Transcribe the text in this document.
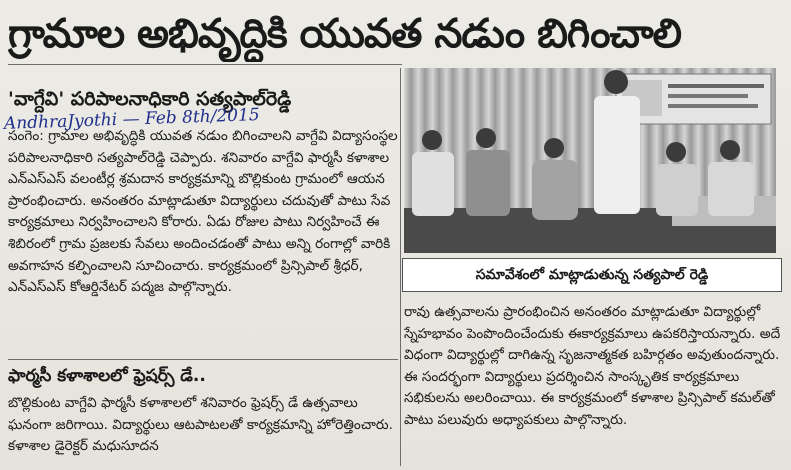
గ్రామాల అభివృద్ధికి యువత నడుం బిగించాలి
'వాగ్దేవి' పరిపాలనాధికారి సత్యపాల్‌రెడ్డి
AndhraJyothi — Feb 8th/2015

సంగెం: గ్రామాల అభివృద్ధికి యువత నడుం బిగించాలని వాగ్దేవి విద్యాసంస్థల పరిపాలనాధికారి సత్యపాల్‌రెడ్డి చెప్పారు. శనివారం వాగ్దేవి ఫార్మసీ కళాశాల ఎన్‌ఎస్‌ఎస్ వలంటీర్ల శ్రమదాన కార్యక్రమాన్ని బొల్లికుంట గ్రామంలో ఆయన ప్రారంభించారు. అనంతరం మాట్లాడుతూ విద్యార్థులు చదువుతో పాటు సేవ కార్యక్రమాలు నిర్వహించాలని కోరారు. ఏడు రోజుల పాటు నిర్వహించే ఈ శిబిరంలో గ్రామ ప్రజలకు సేవలు అందించడంతో పాటు అన్ని రంగాల్లో వారికి అవగాహన కల్పించాలని సూచించారు. కార్యక్రమంలో ప్రిన్సిపాల్ శ్రీధర్, ఎన్‌ఎస్‌ఎస్ కోఆర్డినేటర్ పద్మజ పాల్గొన్నారు.

ఫార్మసీ కళాశాలలో ఫ్రెషర్స్ డే..
బొల్లికుంట వాగ్దేవి ఫార్మసీ కళాశాలలో శనివారం ఫ్రెషర్స్ డే ఉత్సవాలు ఘనంగా జరిగాయి. విద్యార్థులు ఆటపాటలతో కార్యక్రమాన్ని హోరెత్తించారు. కళాశాల డైరెక్టర్ మధుసూదన
సమావేశంలో మాట్లాడుతున్న సత్యపాల్ రెడ్డి
రావు ఉత్సవాలను ప్రారంభించిన అనంతరం మాట్లాడుతూ విద్యార్థుల్లో స్నేహభావం పెంపొందించేందుకు ఈకార్యక్రమాలు ఉపకరిస్తాయన్నారు. అదే విధంగా విద్యార్థుల్లో దాగిఉన్న సృజనాత్మకత బహిర్గతం అవుతుందన్నారు. ఈ సందర్భంగా విద్యార్థులు ప్రదర్శించిన సాంస్కృతిక కార్యక్రమాలు సభికులను అలరించాయి. ఈ కార్యక్రమంలో కళాశాల ప్రిన్సిపాల్ కమల్‌తో పాటు పలువురు అధ్యాపకులు పాల్గొన్నారు.
